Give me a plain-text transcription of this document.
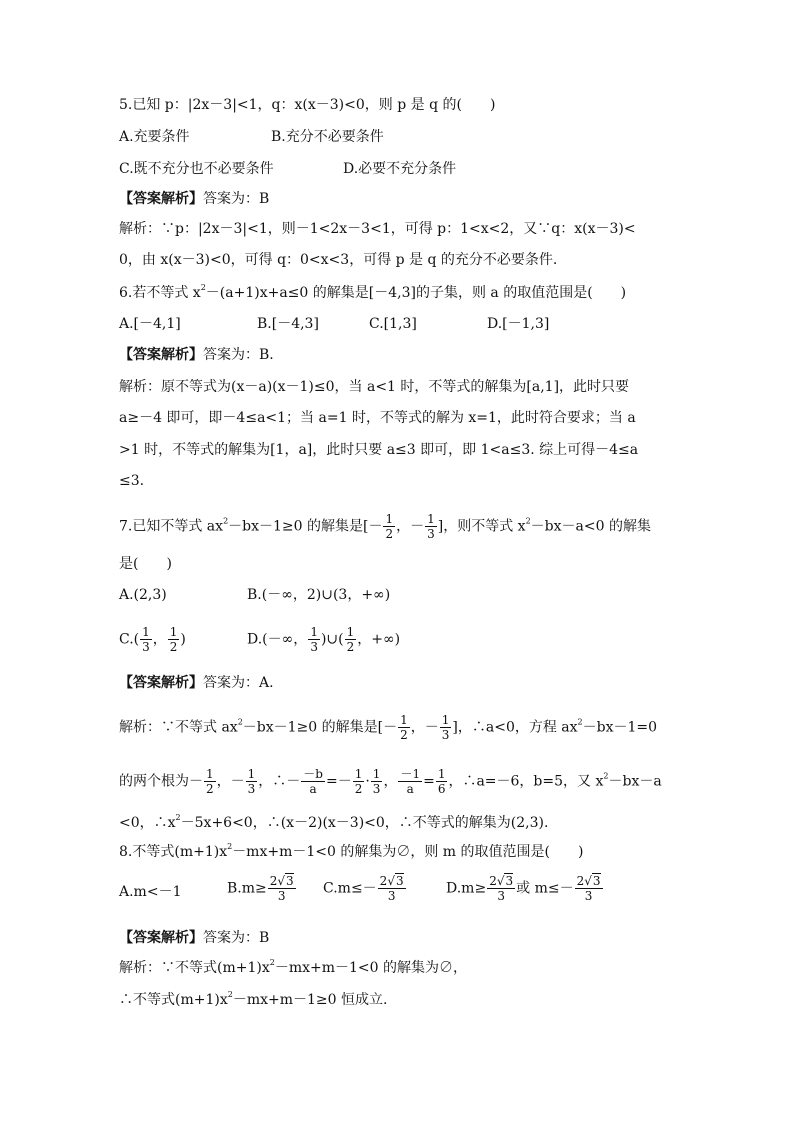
5.已知 p：|2x－3|<1，q：x(x－3)<0，则 p 是 q 的(　　)
A.充要条件	B.充分不必要条件
C.既不充分也不必要条件	D.必要不充分条件
【答案解析】答案为：B
解析：∵p：|2x－3|<1，则－1<2x－3<1，可得 p：1<x<2，又∵q：x(x－3)<
0，由 x(x－3)<0，可得 q：0<x<3，可得 p 是 q 的充分不必要条件.
6.若不等式 $x^2-(a+1)x+a\le 0$ 的解集是[－4,3]的子集，则 a 的取值范围是(　　)
A.[－4,1]	B.[－4,3]	C.[1,3]	D.[－1,3]
【答案解析】答案为：B.
解析：原不等式为(x－a)(x－1)≤0，当 a<1 时，不等式的解集为[a,1]，此时只要
a≥－4 即可，即－4≤a<1；当 a=1 时，不等式的解为 x=1，此时符合要求；当 a
>1 时，不等式的解集为[1，a]，此时只要 a≤3 即可，即 1<a≤3. 综上可得－4≤a
≤3.
7.已知不等式 $ax^2-bx-1\ge 0$ 的解集是[－ $\frac{1}{2}$ ，－ $\frac{1}{3}$ ]，则不等式 $x^2-bx-a<0$ 的解集
是(　　)
A.(2,3)	B.(－∞，2)∪(3，+∞)
$C.( \frac{1}{3}$ ， $\frac{1}{2}$ )	D.(－∞， $\frac{1}{3}$ )∪( $\frac{1}{2}$ ，+∞)
【答案解析】答案为：A.
解析：∵不等式 $ax^2-bx-1\ge 0$ 的解集是[－ $\frac{1}{2}$ ，－ $\frac{1}{3}$ ]，∴a<0，方程 $ax^2-bx-1=0$
的两个根为－ $\frac{1}{2}$ ，－ $\frac{1}{3}$ ，∴－ $\frac{-b}{a} =- \frac{1}{2} \cdot \frac{1}{3}$ ， $\frac{-1}{a} = \frac{1}{6}$ ，∴a=－6，b=5，又 $x^2-bx-a$
<0，$\therefore x^2-5x+6<0$，∴(x－2)(x－3)<0，∴不等式的解集为(2,3).
8.不等式$(m+1)x^2-mx+m-1<0$ 的解集为∅，则 m 的取值范围是(　　)
A.m<－1	$B.m\ge \frac{2√3}{3} C.m\le- \frac{2√3}{3}$	$D.m\ge \frac{2√3}{3}$ 或 $m\le- \frac{2√3}{3}$
【答案解析】答案为：B
解析：∵不等式$(m+1)x^2-mx+m-1<0$ 的解集为∅，
∴不等式$(m+1)x^2-mx+m-1\ge 0$ 恒成立.
